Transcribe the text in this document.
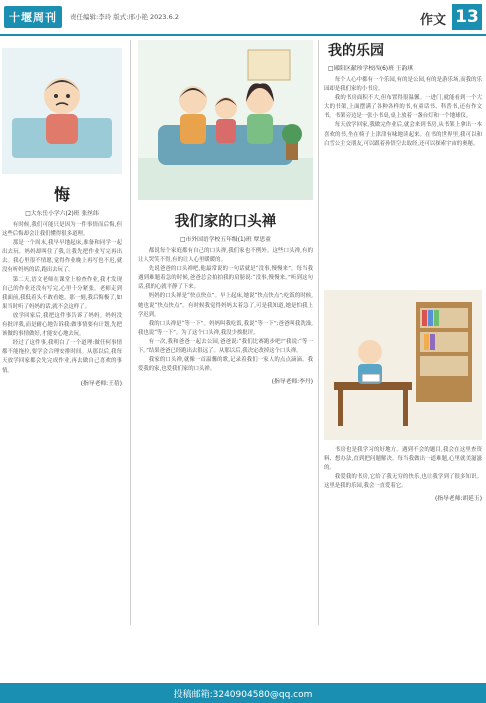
十堰周刊	责任编辑:李玲 版式:邢小艳 2023.6.2	作文 13
悔

□大东岳小学六(2)班 张丝纬

有时候,我们可能只是因为一件事情而后悔,但这些后悔却会让我们懂得很多道理。

那是一个周末,我早早地起床,准备和同学一起出去玩。妈妈却叫住了我,让我先把作业写完再出去。我心里很不情愿,觉得作业晚上再写也不迟,就没有听妈妈的话,跑出去玩了。

第二天,语文老师在课堂上检查作业,我才发现自己的作业还没有写完,心里十分紧张。老师走到我面前,我低着头不敢看她。那一刻,我后悔极了,如果当时听了妈妈的话,就不会这样了。

放学回家后,我把这件事告诉了妈妈。妈妈没有批评我,而是耐心地告诉我:做事情要有计划,先把该做的事情做好,才能安心地去玩。

经过了这件事,我明白了一个道理:做任何事情都不能拖拉,要学会合理安排时间。从那以后,我每天放学回家都会先完成作业,再去做自己喜欢的事情。

(指导老师:王蓓)

我们家的口头禅

□市外国语学校五年级(1)班 覃思童

都说每个家庭都有自己的口头禅,我们家也不例外。这些口头禅,有的让人哭笑不得,有的让人心里暖暖的。

先说爸爸的口头禅吧,他最常说的一句话就是“没事,慢慢来”。每当我遇到难题着急的时候,爸爸总会拍拍我的肩膀说:“没事,慢慢来。”听到这句话,我的心就平静了下来。

妈妈的口头禅是“快点快点”。早上起床,她说“快点快点”;吃饭的时候,她也说“快点快点”。有时候我觉得妈妈太着急了,可是我知道,她是怕我上学迟到。

我的口头禅是“等一下”。妈妈叫我吃饭,我说“等一下”;爸爸叫我洗澡,我也说“等一下”。为了这个口头禅,我没少挨批评。

有一次,我和爸爸一起去公园,爸爸说:“我们比赛跑步吧!”我说:“等一下。”结果爸爸已经跑出去很远了。从那以后,我决定改掉这个口头禅。

我家的口头禅,就像一首温馨的歌,记录着我们一家人的点点滴滴。我爱我的家,也爱我们家的口头禅。

(指导老师:李丹)

我的乐园

□郧阳区献珍学校四(6)班 王韵琪

每个人心中都有一个乐园,有的是公园,有的是游乐场,而我的乐园却是我们家的小书房。

我的书房面积不大,但布置得很温馨。一进门,就能看到一个大大的书架,上面摆满了各种各样的书,有童话书、科普书,还有作文书。书架旁边是一张小书桌,桌上放着一盏台灯和一个地球仪。

每天放学回家,我做完作业后,就会来到书房,从书架上拿出一本喜欢的书,坐在椅子上津津有味地读起来。在书的世界里,我可以和白雪公主交朋友,可以跟着孙悟空去取经,还可以探索宇宙的奥秘。

书房也是我学习的好地方。遇到不会的题目,我会在这里查资料、想办法,直到把问题解决。每当我做出一道难题,心里就美滋滋的。

我爱我的书房,它给了我无穷的快乐,也让我学到了很多知识。这里是我的乐园,我会一直爱着它。

(指导老师:胡延玉)

投稿邮箱:3240904580@qq.com
